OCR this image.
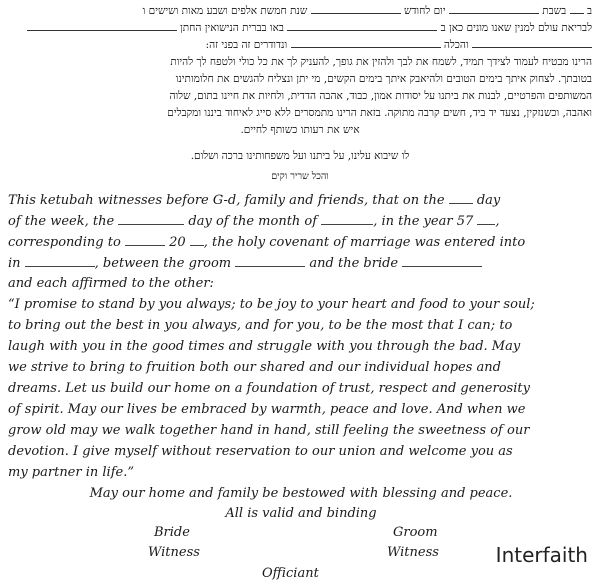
ב  בשבת  יום לחודש  שנת חמשת אלפים ושבע מאות ושישים ו
לבריאת עולם למנין שאנו מונים כאן ב  באו בברית הנישואין החתן
והכלה  ונדודרים זה בפני זה:
הרינו מבטיח לעמוד לצידך תמיד, לשמח את לבך ולהזין את גופך, להעניק לך את כל כולי ולטפח לך להיות
בטובתך. לצחוק איתך בימים הטובים ולהיאבק איתך בימים הקשים, מי יתן ונצליח להגשים את חלומותינו
המשותפים והפרטיים, לבנות את ביתנו על יסודות אמון, כבוד, אהבה הדדית, ולחיות את חיינו בתום, שלוה
ואהבה, וכשנזקין, נצעד יד ביד, חשים קרבה מתוקה. בזאת הרינו מתמסרים ללא סייג לאיחוד ביננו ומקבלים
איש את רעותו כשותף לחיים.
לו שיבוא עלינו, על ביתנו ועל משפחותינו ברכה ושלום.
והכל שריר וקים
This ketubah witnesses before G-d, family and friends, that on the day
of the week, the	day of the month of	, in the year 57 ,
corresponding to	20 , the holy covenant of marriage was entered into
in	, between the groom	and the bride
and each affirmed to the other:
“I promise to stand by you always; to be joy to your heart and food to your soul;
to bring out the best in you always, and for you, to be the most that I can; to
laugh with you in the good times and struggle with you through the bad. May
we strive to bring to fruition both our shared and our individual hopes and
dreams. Let us build our home on a foundation of trust, respect and generosity
of spirit. May our lives be embraced by warmth, peace and love. And when we
grow old may we walk together hand in hand, still feeling the sweetness of our
devotion. I give myself without reservation to our union and welcome you as
my partner in life.”
May our home and family be bestowed with blessing and peace.
All is valid and binding
Bride	Groom
Witness	Witness
Officiant
Interfaith
